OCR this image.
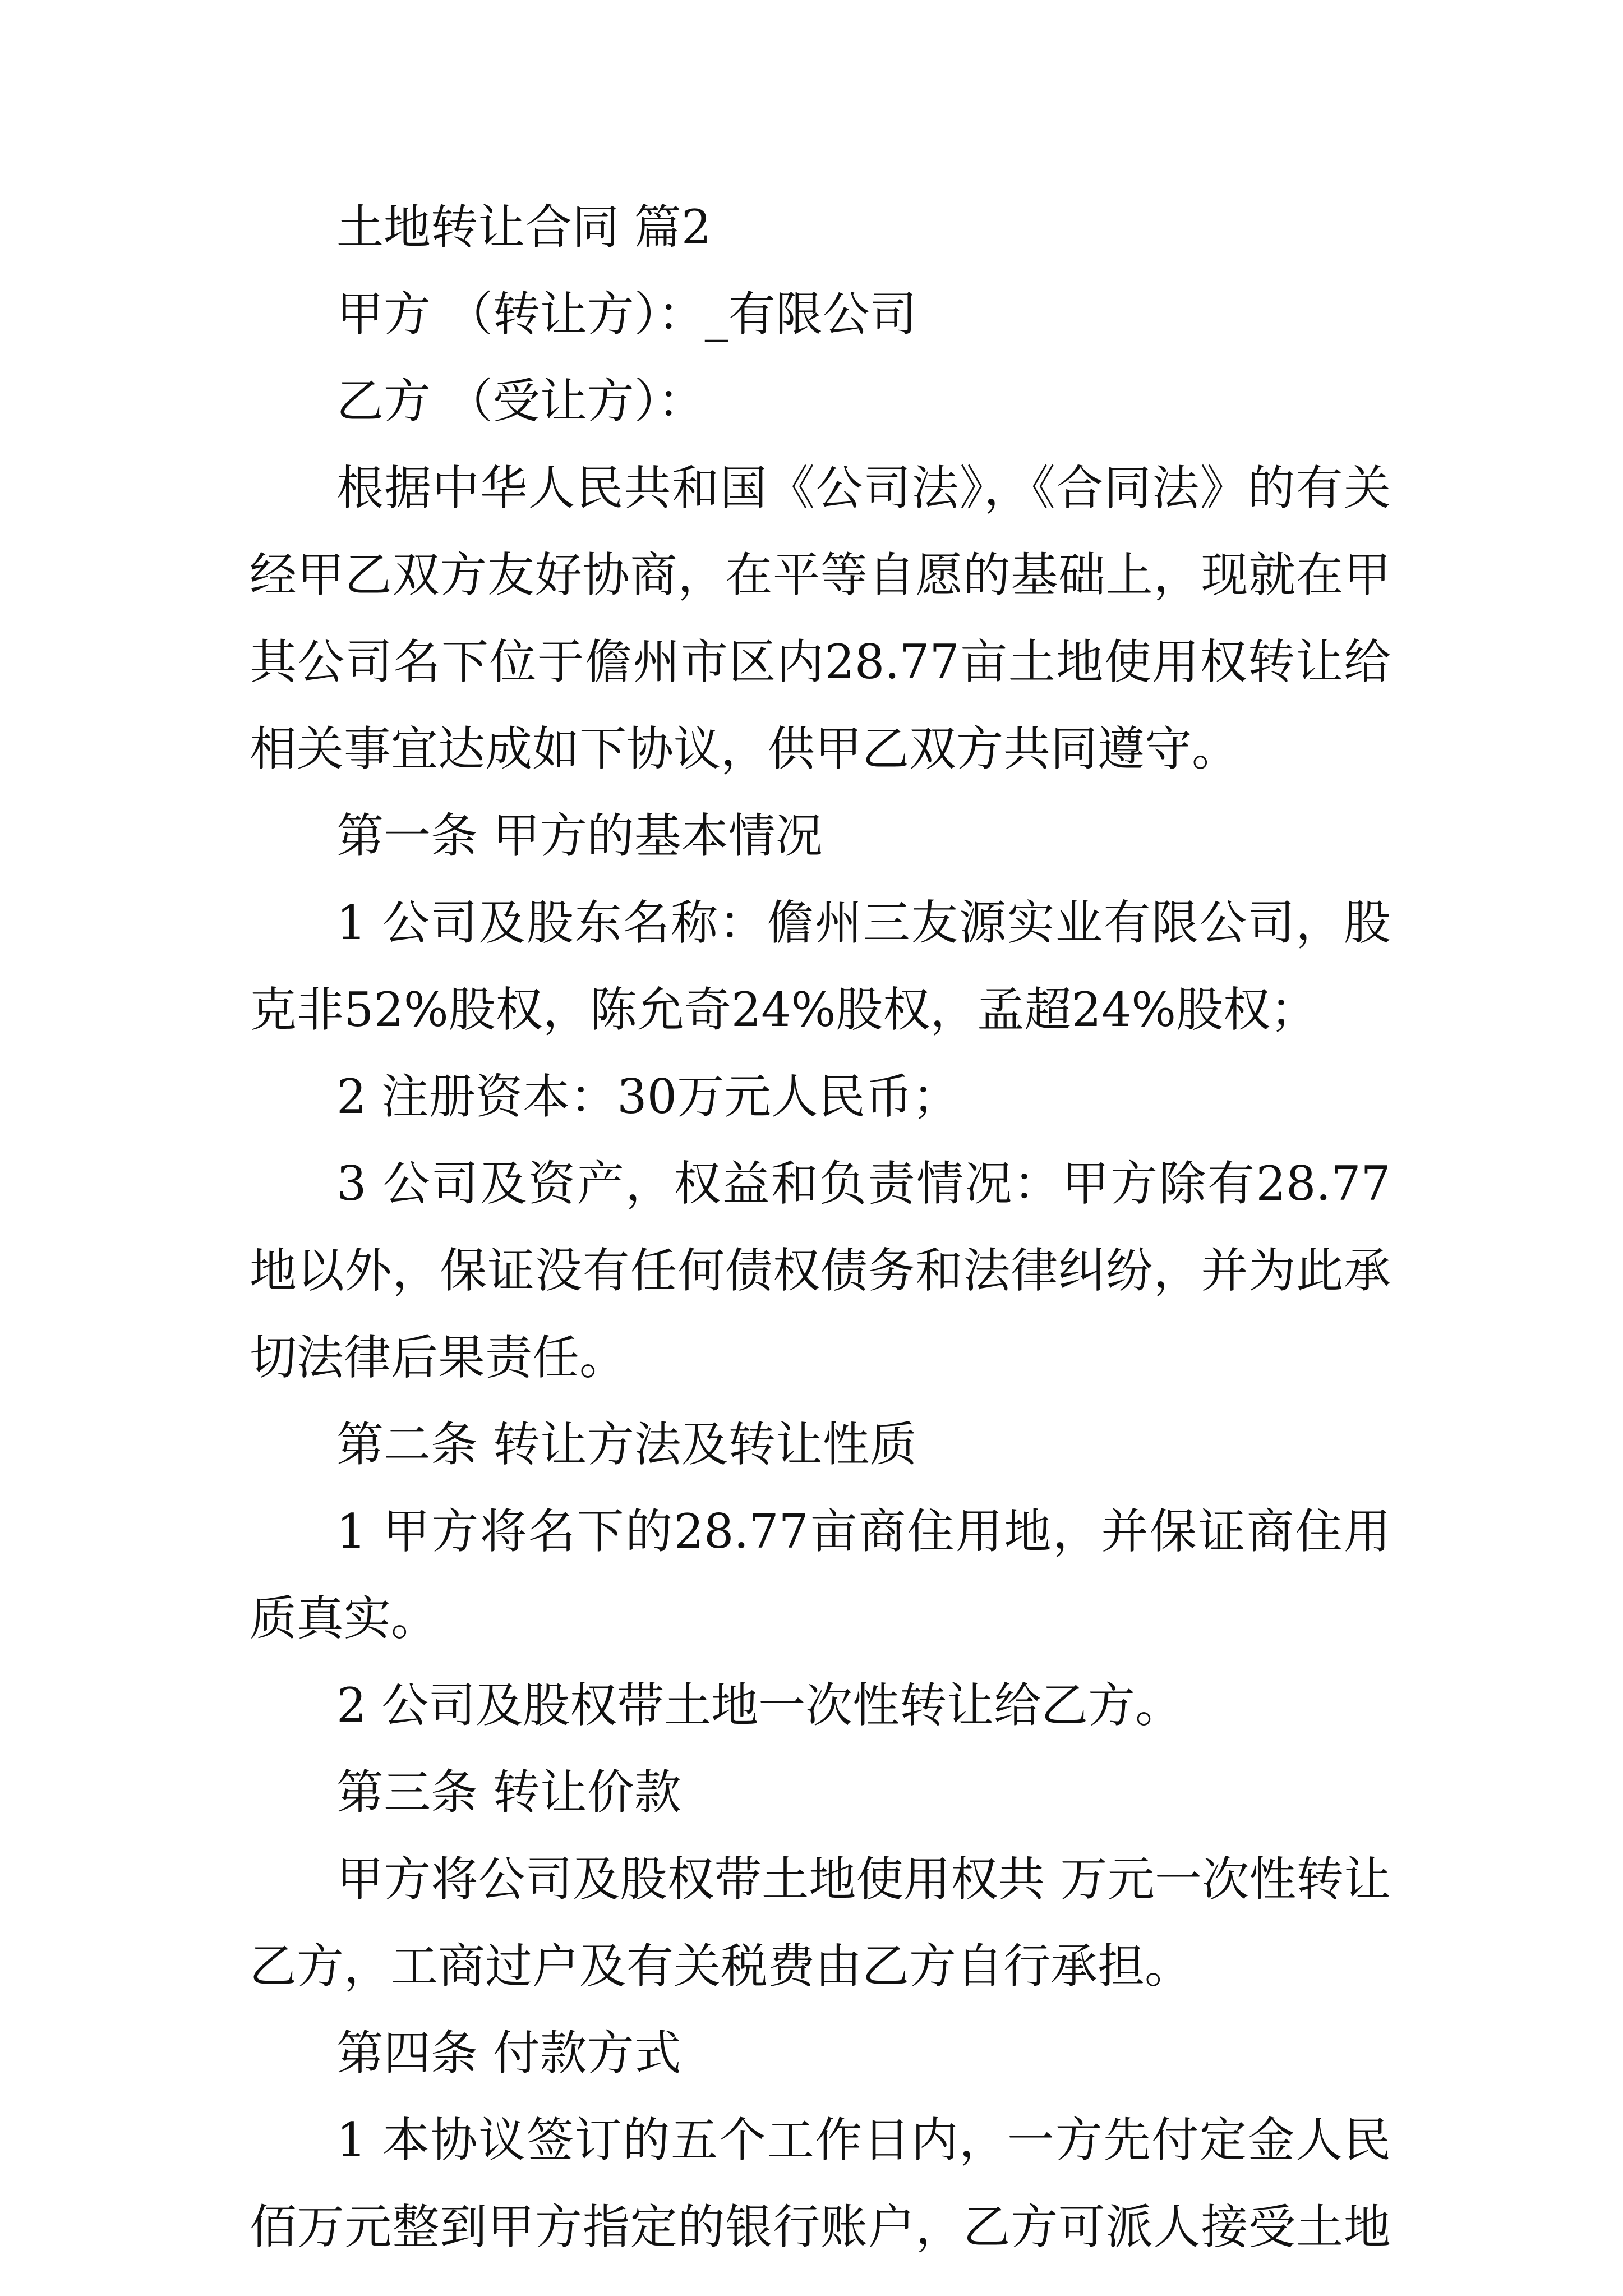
土地转让合同 篇2
甲方 （转让方）：_有限公司
乙方 （受让方）：
根据中华人民共和国《公司法》，《合同法》的有关
经甲乙双方友好协商，在平等自愿的基础上，现就在甲
其公司名下位于儋州市区内28.77亩土地使用权转让给
相关事宜达成如下协议，供甲乙双方共同遵守。
第一条 甲方的基本情况
1 公司及股东名称：儋州三友源实业有限公司，股
克非52%股权，陈允奇24%股权，孟超24%股权；
2 注册资本：30万元人民币；
3 公司及资产，权益和负责情况：甲方除有28.77
地以外，保证没有任何债权债务和法律纠纷，并为此承
切法律后果责任。
第二条 转让方法及转让性质
1 甲方将名下的28.77亩商住用地，并保证商住用
质真实。
2 公司及股权带土地一次性转让给乙方。
第三条 转让价款
甲方将公司及股权带土地使用权共 万元一次性转让
乙方，工商过户及有关税费由乙方自行承担。
第四条 付款方式
1 本协议签订的五个工作日内，一方先付定金人民
佰万元整到甲方指定的银行账户，乙方可派人接受土地
